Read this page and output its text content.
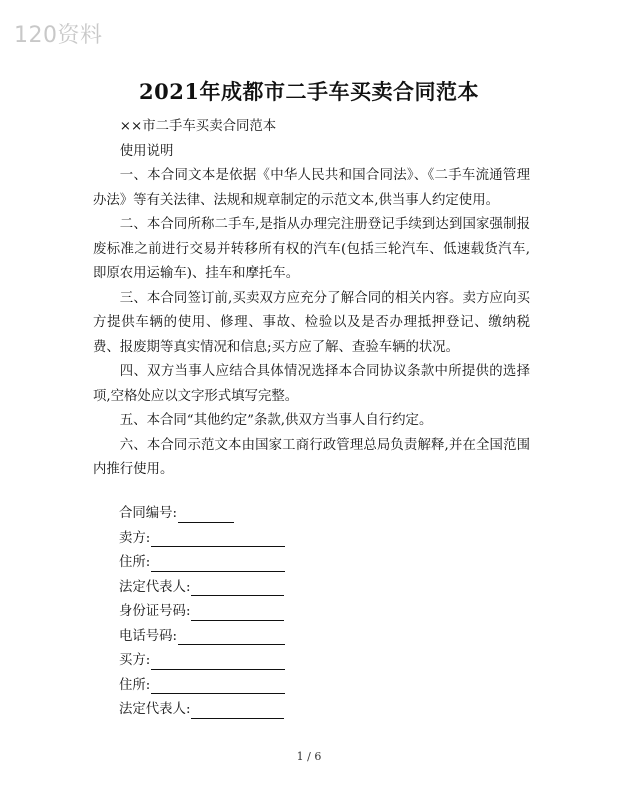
120资料
2021年成都市二手车买卖合同范本

××市二手车买卖合同范本

使用说明

一、本合同文本是依据《中华人民共和国合同法》、《二手车流通管理办法》等有关法律、法规和规章制定的示范文本,供当事人约定使用。

二、本合同所称二手车,是指从办理完注册登记手续到达到国家强制报废标准之前进行交易并转移所有权的汽车(包括三轮汽车、低速载货汽车,即原农用运输车)、挂车和摩托车。

三、本合同签订前,买卖双方应充分了解合同的相关内容。卖方应向买方提供车辆的使用、修理、事故、检验以及是否办理抵押登记、缴纳税费、报废期等真实情况和信息;买方应了解、查验车辆的状况。

四、双方当事人应结合具体情况选择本合同协议条款中所提供的选择项,空格处应以文字形式填写完整。

五、本合同“其他约定”条款,供双方当事人自行约定。

六、本合同示范文本由国家工商行政管理总局负责解释,并在全国范围内推行使用。

合同编号:
卖方:
住所:
法定代表人:
身份证号码:
电话号码:
买方:
住所:
法定代表人:
1 / 6
